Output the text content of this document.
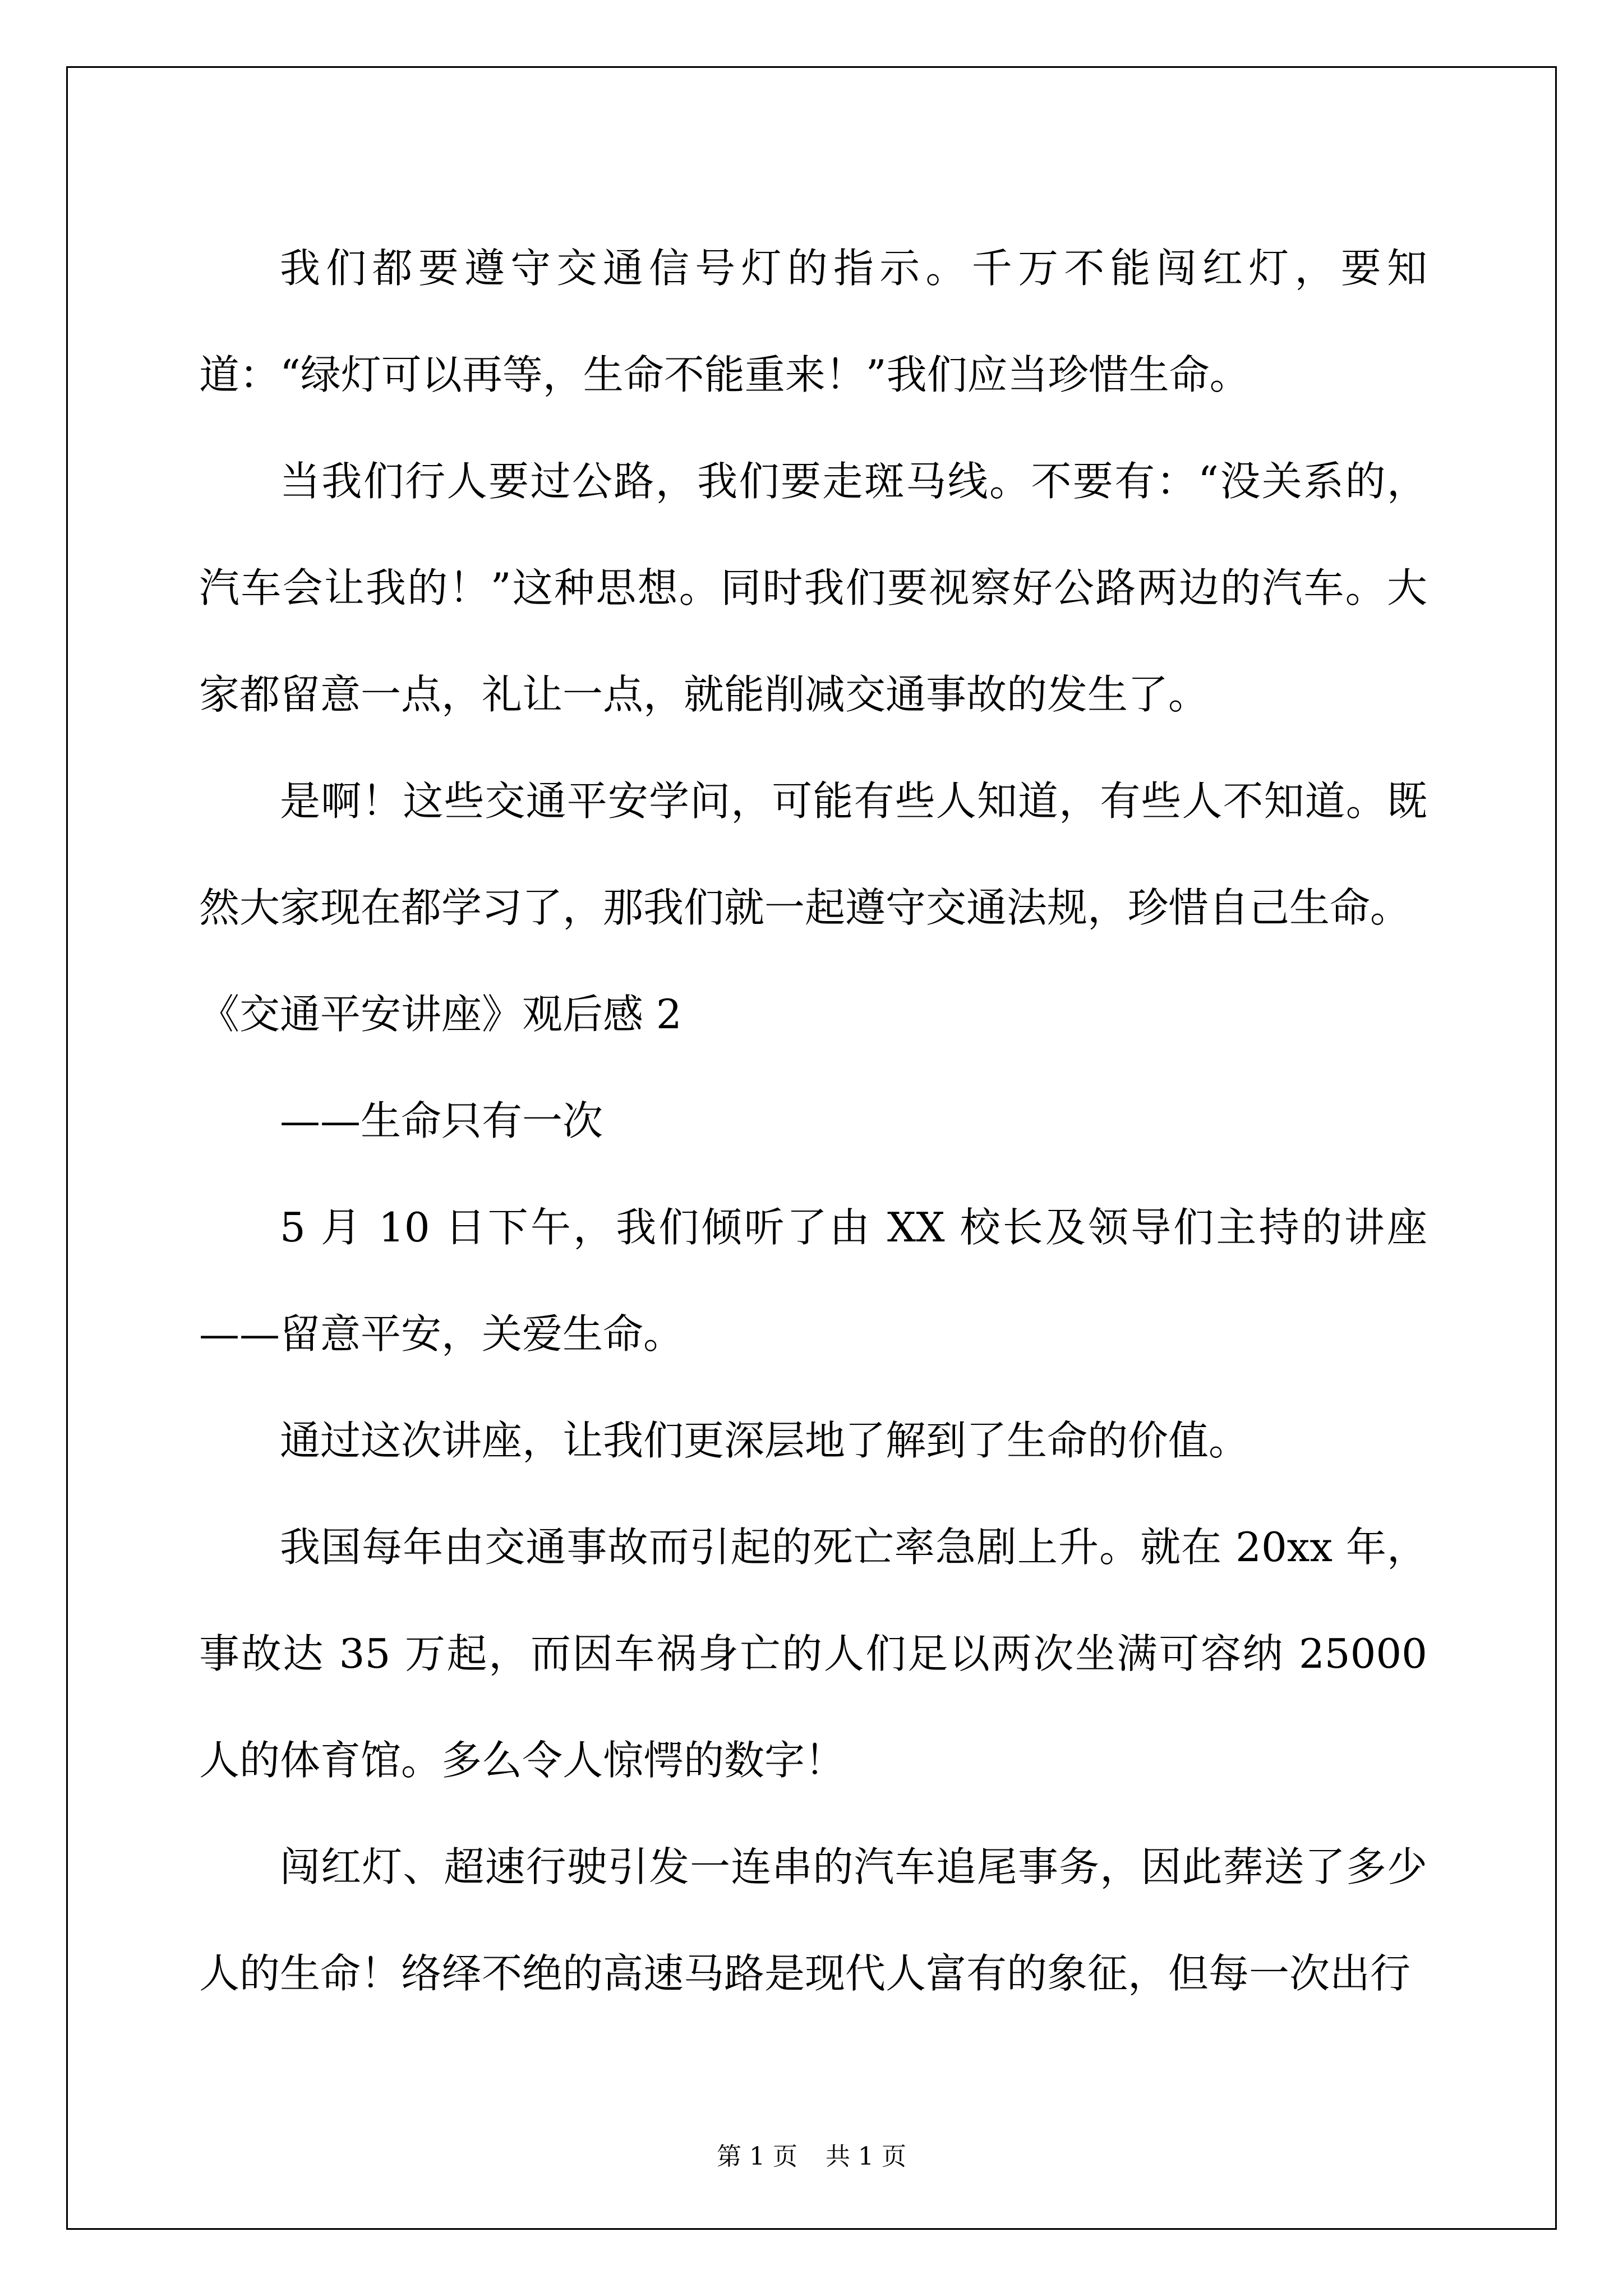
我们都要遵守交通信号灯的指示。千万不能闯红灯，要知道：“绿灯可以再等，生命不能重来！”我们应当珍惜生命。

当我们行人要过公路，我们要走斑马线。不要有：“没关系的，汽车会让我的！”这种思想。同时我们要视察好公路两边的汽车。大家都留意一点，礼让一点，就能削减交通事故的发生了。

是啊！这些交通平安学问，可能有些人知道，有些人不知道。既然大家现在都学习了，那我们就一起遵守交通法规，珍惜自己生命。

《交通平安讲座》观后感 2

——生命只有一次

5 月 10 日下午，我们倾听了由 XX 校长及领导们主持的讲座——留意平安，关爱生命。

通过这次讲座，让我们更深层地了解到了生命的价值。

我国每年由交通事故而引起的死亡率急剧上升。就在 20xx 年，事故达 35 万起，而因车祸身亡的人们足以两次坐满可容纳 25000 人的体育馆。多么令人惊愕的数字！

闯红灯、超速行驶引发一连串的汽车追尾事务，因此葬送了多少人的生命！络绎不绝的高速马路是现代人富有的象征，但每一次出行

第 1 页 共 1 页
